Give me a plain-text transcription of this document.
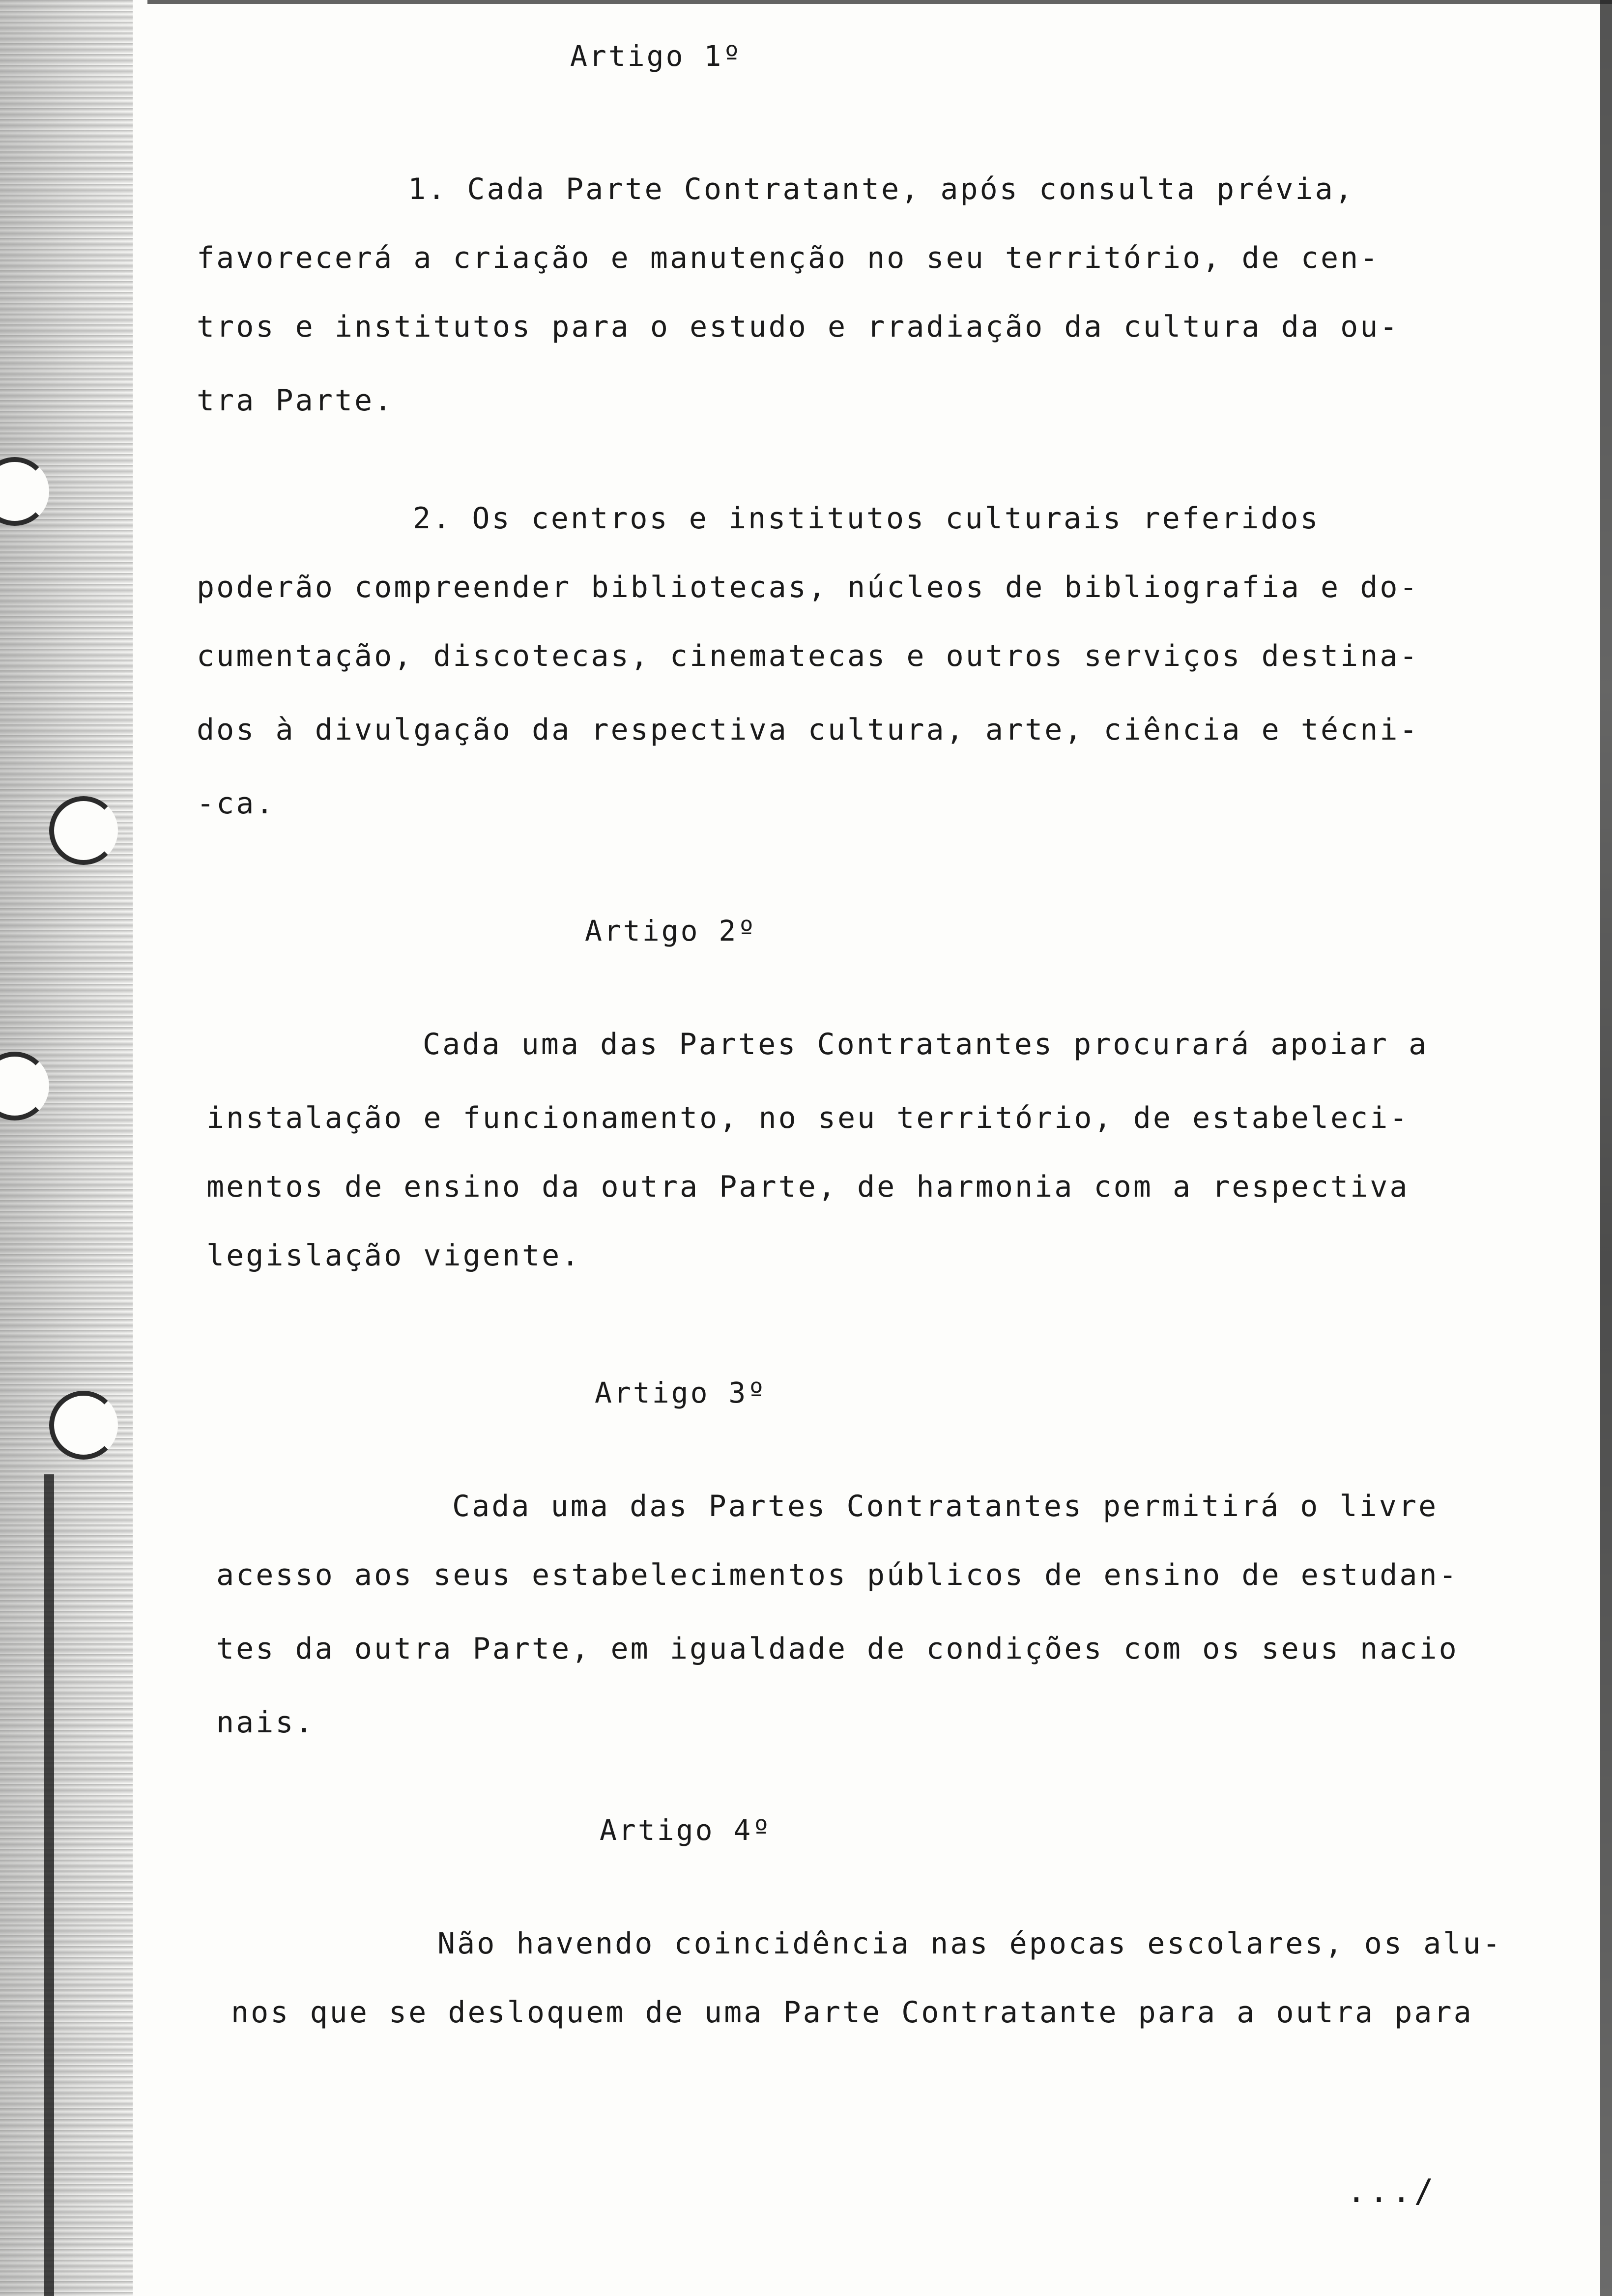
Artigo 1º
1. Cada Parte Contratante, após consulta prévia,
favorecerá a criação e manutenção no seu território, de cen-
tros e institutos para o estudo e rradiação da cultura da ou-
tra Parte.
2. Os centros e institutos culturais referidos
poderão compreender bibliotecas, núcleos de bibliografia e do-
cumentação, discotecas, cinematecas e outros serviços destina-
dos à divulgação da respectiva cultura, arte, ciência e técni-
-ca.
Artigo 2º
Cada uma das Partes Contratantes procurará apoiar a
instalação e funcionamento, no seu território, de estabeleci-
mentos de ensino da outra Parte, de harmonia com a respectiva
legislação vigente.
Artigo 3º
Cada uma das Partes Contratantes permitirá o livre
acesso aos seus estabelecimentos públicos de ensino de estudan-
tes da outra Parte, em igualdade de condições com os seus nacio
nais.
Artigo 4º
Não havendo coincidência nas épocas escolares, os alu-
nos que se desloquem de uma Parte Contratante para a outra para
.../
